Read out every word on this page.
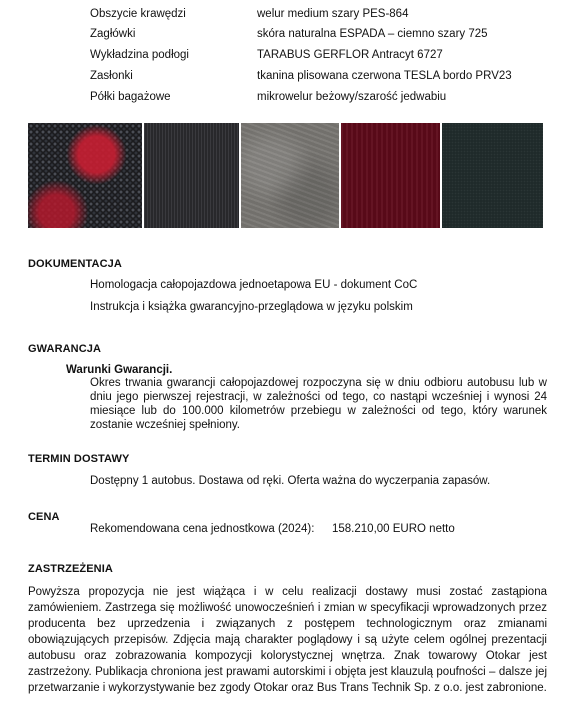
Obszycie krawędzi	welur medium szary PES-864
Zagłówki	skóra naturalna ESPADA – ciemno szary 725
Wykładzina podłogi	TARABUS GERFLOR Antracyt 6727
Zasłonki	tkanina plisowana czerwona TESLA bordo PRV23
Półki bagażowe	mikrowelur beżowy/szarość jedwabiu
DOKUMENTACJA
Homologacja całopojazdowa jednoetapowa EU - dokument CoC
Instrukcja i książka gwarancyjno-przeglądowa w języku polskim
GWARANCJA
Warunki Gwarancji.
Okres trwania gwarancji całopojazdowej rozpoczyna się w dniu odbioru autobusu lub w dniu jego pierwszej rejestracji, w zależności od tego, co nastąpi wcześniej i wynosi 24 miesiące lub do 100.000 kilometrów przebiegu w zależności od tego, który warunek zostanie wcześniej spełniony.
TERMIN DOSTAWY
Dostępny 1 autobus. Dostawa od ręki. Oferta ważna do wyczerpania zapasów.
CENA
Rekomendowana cena jednostkowa (2024): 158.210,00 EURO netto
ZASTRZEŻENIA
Powyższa propozycja nie jest wiążąca i w celu realizacji dostawy musi zostać zastąpiona zamówieniem. Zastrzega się możliwość unowocześnień i zmian w specyfikacji wprowadzonych przez producenta bez uprzedzenia i związanych z postępem technologicznym oraz zmianami obowiązujących przepisów. Zdjęcia mają charakter poglądowy i są użyte celem ogólnej prezentacji autobusu oraz zobrazowania kompozycji kolorystycznej wnętrza. Znak towarowy Otokar jest zastrzeżony. Publikacja chroniona jest prawami autorskimi i objęta jest klauzulą poufności – dalsze jej przetwarzanie i wykorzystywanie bez zgody Otokar oraz Bus Trans Technik Sp. z o.o. jest zabronione.
